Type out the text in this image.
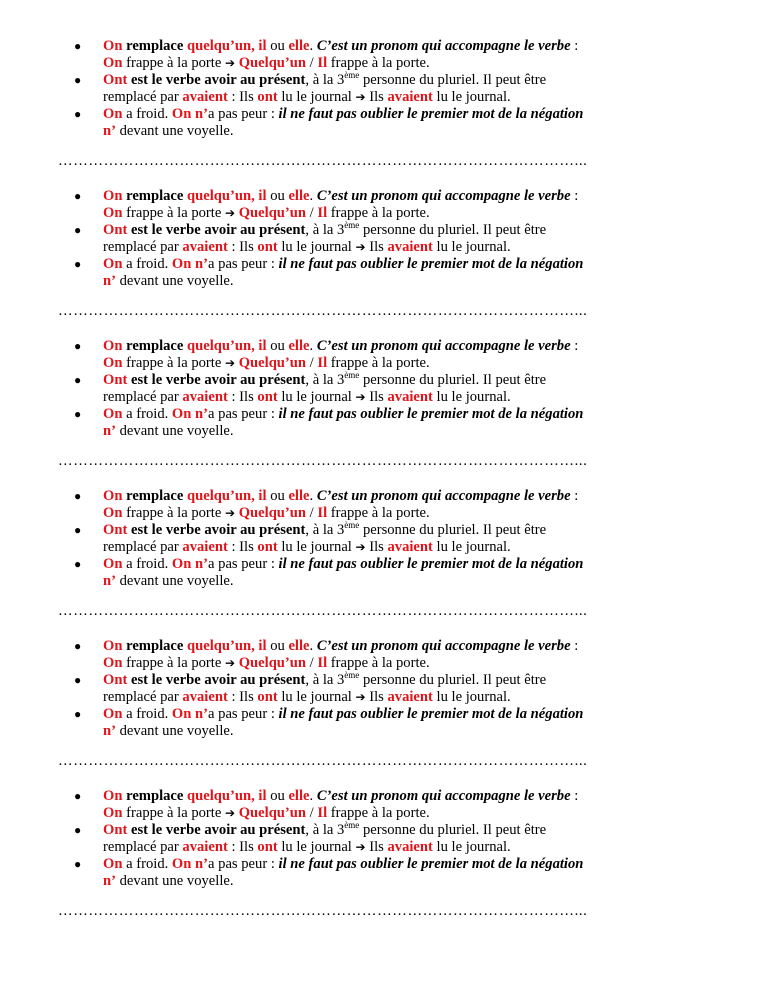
● On remplace quelqu’un, il ou elle. C’est un pronom qui accompagne le verbe :
On frappe à la porte ➔ Quelqu’un / Il frappe à la porte.
● Ont est le verbe avoir au présent, à la 3ème personne du pluriel. Il peut être
remplacé par avaient : Ils ont lu le journal ➔ Ils avaient lu le journal.
● On a froid. On n’a pas peur : il ne faut pas oublier le premier mot de la négation
n’ devant une voyelle.
…………………………………………………………………………………………...
● On remplace quelqu’un, il ou elle. C’est un pronom qui accompagne le verbe :
On frappe à la porte ➔ Quelqu’un / Il frappe à la porte.
● Ont est le verbe avoir au présent, à la 3ème personne du pluriel. Il peut être
remplacé par avaient : Ils ont lu le journal ➔ Ils avaient lu le journal.
● On a froid. On n’a pas peur : il ne faut pas oublier le premier mot de la négation
n’ devant une voyelle.
…………………………………………………………………………………………...
● On remplace quelqu’un, il ou elle. C’est un pronom qui accompagne le verbe :
On frappe à la porte ➔ Quelqu’un / Il frappe à la porte.
● Ont est le verbe avoir au présent, à la 3ème personne du pluriel. Il peut être
remplacé par avaient : Ils ont lu le journal ➔ Ils avaient lu le journal.
● On a froid. On n’a pas peur : il ne faut pas oublier le premier mot de la négation
n’ devant une voyelle.
…………………………………………………………………………………………...
● On remplace quelqu’un, il ou elle. C’est un pronom qui accompagne le verbe :
On frappe à la porte ➔ Quelqu’un / Il frappe à la porte.
● Ont est le verbe avoir au présent, à la 3ème personne du pluriel. Il peut être
remplacé par avaient : Ils ont lu le journal ➔ Ils avaient lu le journal.
● On a froid. On n’a pas peur : il ne faut pas oublier le premier mot de la négation
n’ devant une voyelle.
…………………………………………………………………………………………...
● On remplace quelqu’un, il ou elle. C’est un pronom qui accompagne le verbe :
On frappe à la porte ➔ Quelqu’un / Il frappe à la porte.
● Ont est le verbe avoir au présent, à la 3ème personne du pluriel. Il peut être
remplacé par avaient : Ils ont lu le journal ➔ Ils avaient lu le journal.
● On a froid. On n’a pas peur : il ne faut pas oublier le premier mot de la négation
n’ devant une voyelle.
…………………………………………………………………………………………...
● On remplace quelqu’un, il ou elle. C’est un pronom qui accompagne le verbe :
On frappe à la porte ➔ Quelqu’un / Il frappe à la porte.
● Ont est le verbe avoir au présent, à la 3ème personne du pluriel. Il peut être
remplacé par avaient : Ils ont lu le journal ➔ Ils avaient lu le journal.
● On a froid. On n’a pas peur : il ne faut pas oublier le premier mot de la négation
n’ devant une voyelle.
…………………………………………………………………………………………...
